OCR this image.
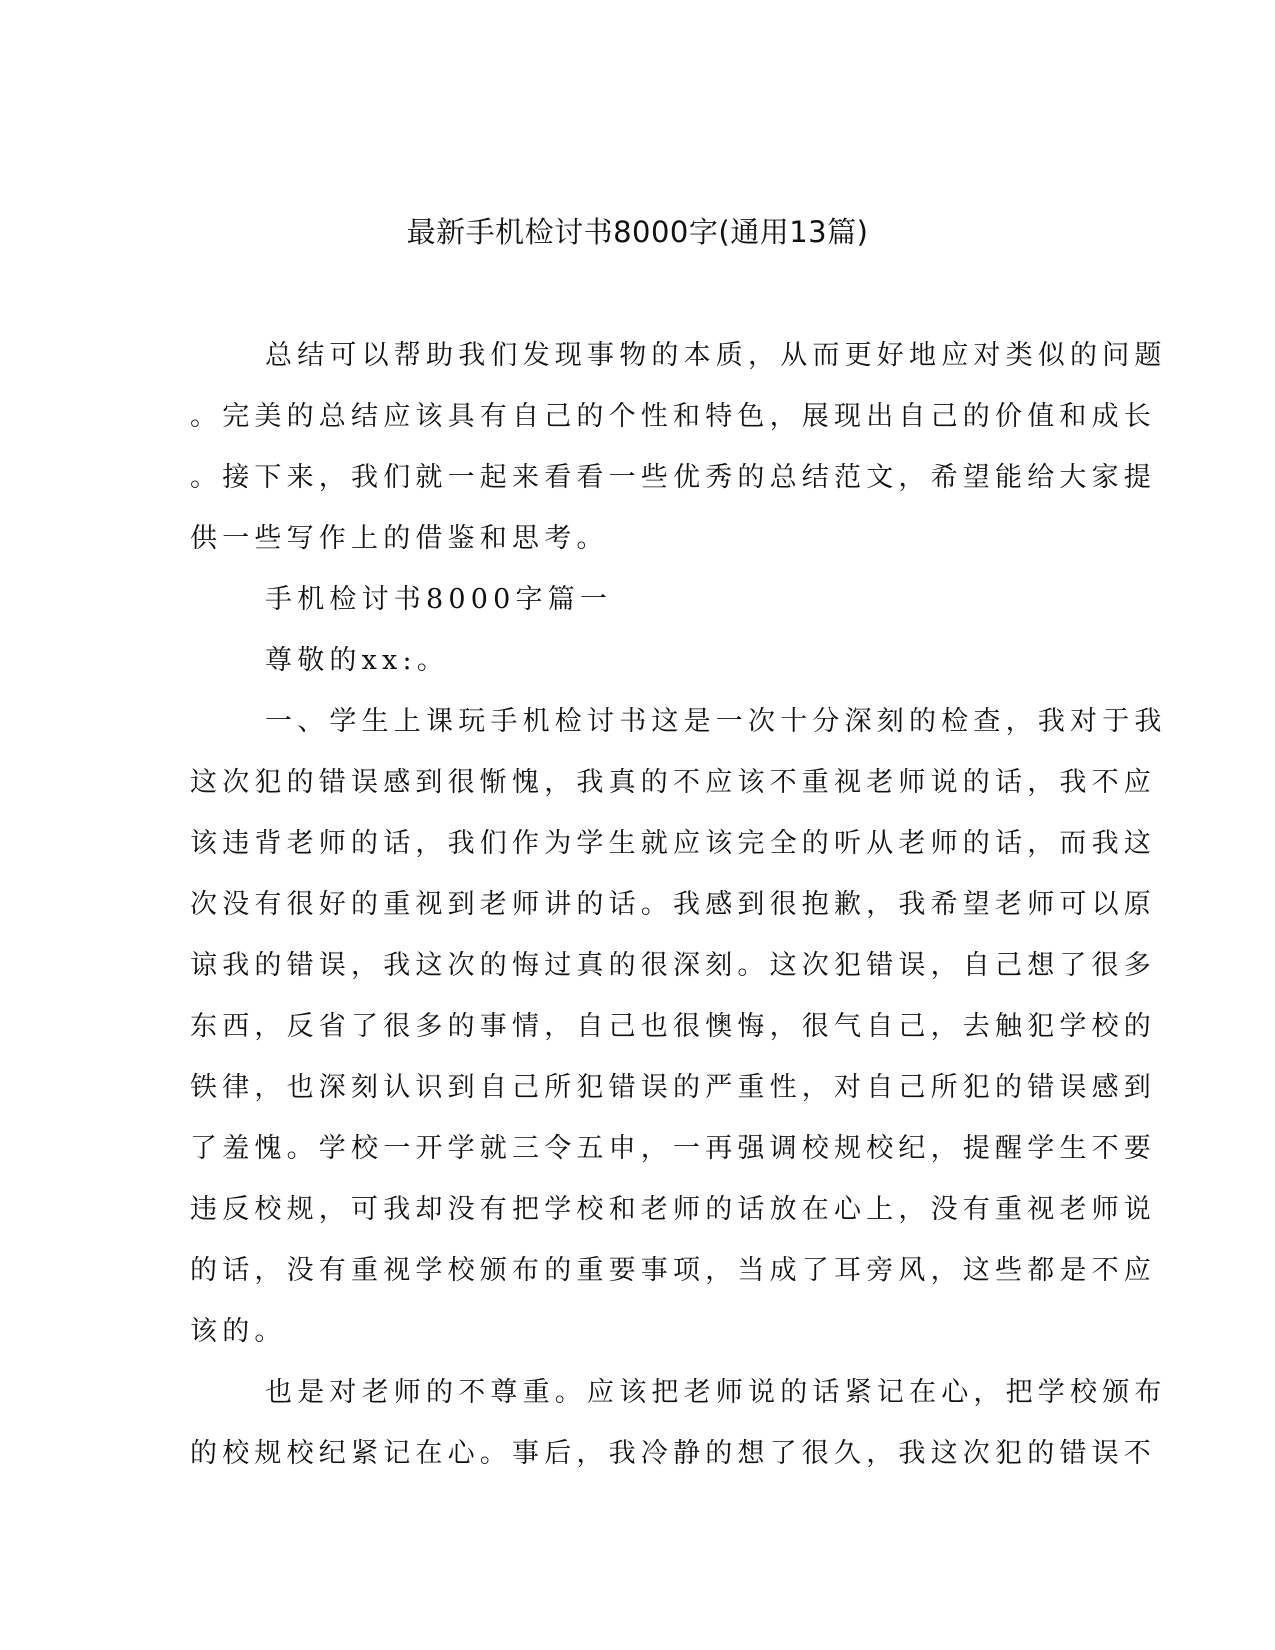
最新手机检讨书8000字(通用13篇)

总结可以帮助我们发现事物的本质，从而更好地应对类似的问题
。完美的总结应该具有自己的个性和特色，展现出自己的价值和成长
。接下来，我们就一起来看看一些优秀的总结范文，希望能给大家提
供一些写作上的借鉴和思考。

手机检讨书8000字篇一

尊敬的xx:。

一、学生上课玩手机检讨书这是一次十分深刻的检查，我对于我
这次犯的错误感到很惭愧，我真的不应该不重视老师说的话，我不应
该违背老师的话，我们作为学生就应该完全的听从老师的话，而我这
次没有很好的重视到老师讲的话。我感到很抱歉，我希望老师可以原
谅我的错误，我这次的悔过真的很深刻。这次犯错误，自己想了很多
东西，反省了很多的事情，自己也很懊悔，很气自己，去触犯学校的
铁律，也深刻认识到自己所犯错误的严重性，对自己所犯的错误感到
了羞愧。学校一开学就三令五申，一再强调校规校纪，提醒学生不要
违反校规，可我却没有把学校和老师的话放在心上，没有重视老师说
的话，没有重视学校颁布的重要事项，当成了耳旁风，这些都是不应
该的。

也是对老师的不尊重。应该把老师说的话紧记在心，把学校颁布
的校规校纪紧记在心。事后，我冷静的想了很久，我这次犯的错误不
